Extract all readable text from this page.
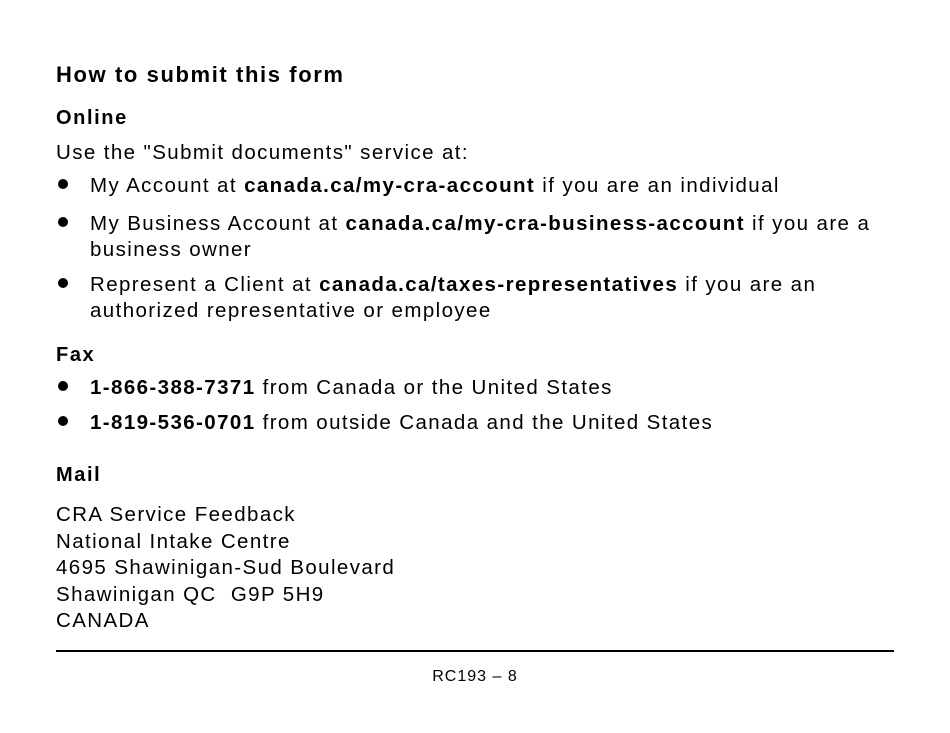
How to submit this form
Online
Use the "Submit documents" service at:
My Account at canada.ca/my-cra-account if you are an individual
My Business Account at canada.ca/my-cra-business-account if you are a business owner
Represent a Client at canada.ca/taxes-representatives if you are an authorized representative or employee
Fax
1-866-388-7371 from Canada or the United States
1-819-536-0701 from outside Canada and the United States
Mail
CRA Service Feedback
National Intake Centre
4695 Shawinigan-Sud Boulevard
Shawinigan QC  G9P 5H9
CANADA
RC193 – 8
